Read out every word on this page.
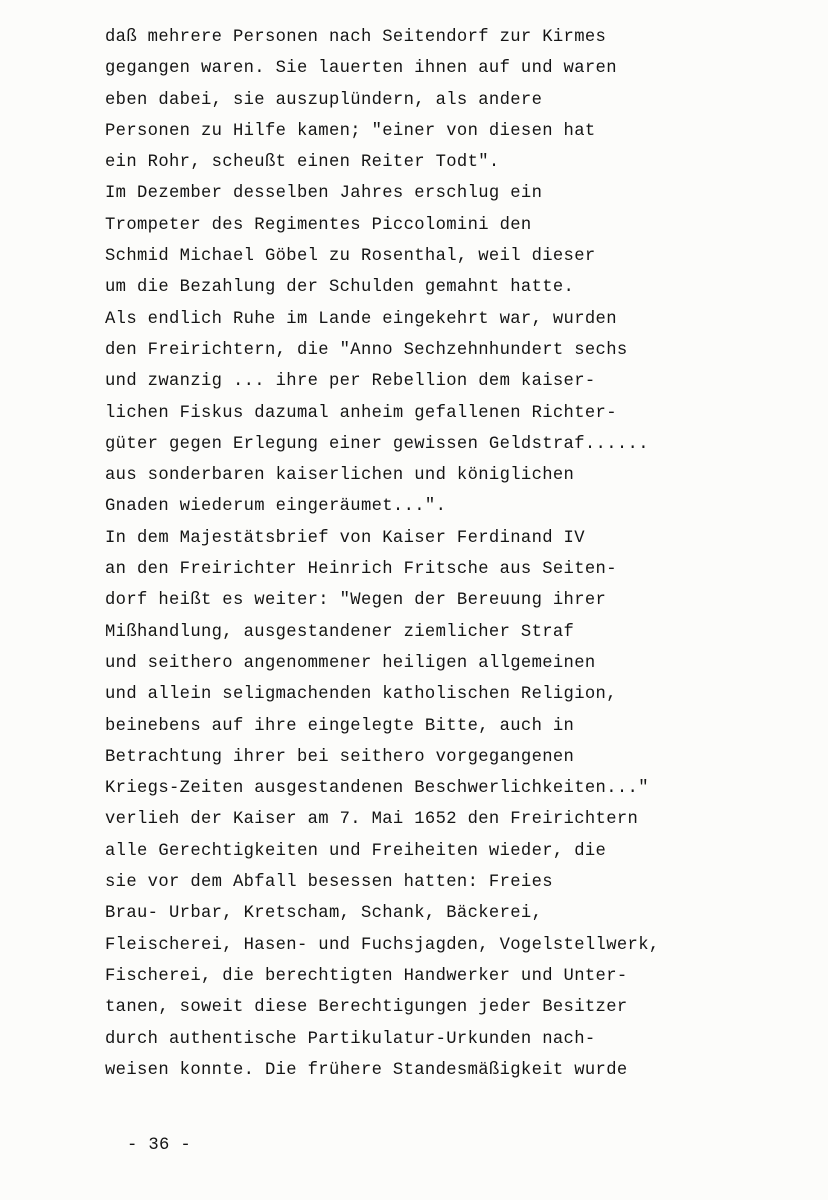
daß mehrere Personen nach Seitendorf zur Kirmes
gegangen waren. Sie lauerten ihnen auf und waren
eben dabei, sie auszuplündern, als andere
Personen zu Hilfe kamen; "einer von diesen hat
ein Rohr, scheußt einen Reiter Todt".
Im Dezember desselben Jahres erschlug ein
Trompeter des Regimentes Piccolomini den
Schmid Michael Göbel zu Rosenthal, weil dieser
um die Bezahlung der Schulden gemahnt hatte.
Als endlich Ruhe im Lande eingekehrt war, wurden
den Freirichtern, die "Anno Sechzehnhundert sechs
und zwanzig ... ihre per Rebellion dem kaiser-
lichen Fiskus dazumal anheim gefallenen Richter-
güter gegen Erlegung einer gewissen Geldstraf......
aus sonderbaren kaiserlichen und königlichen
Gnaden wiederum eingeräumet...".
In dem Majestätsbrief von Kaiser Ferdinand IV
an den Freirichter Heinrich Fritsche aus Seiten-
dorf heißt es weiter: "Wegen der Bereuung ihrer
Mißhandlung, ausgestandener ziemlicher Straf
und seithero angenommener heiligen allgemeinen
und allein seligmachenden katholischen Religion,
beinebens auf ihre eingelegte Bitte, auch in
Betrachtung ihrer bei seithero vorgegangenen
Kriegs-Zeiten ausgestandenen Beschwerlichkeiten..."
verlieh der Kaiser am 7. Mai 1652 den Freirichtern
alle Gerechtigkeiten und Freiheiten wieder, die
sie vor dem Abfall besessen hatten: Freies
Brau- Urbar, Kretscham, Schank, Bäckerei,
Fleischerei, Hasen- und Fuchsjagden, Vogelstellwerk,
Fischerei, die berechtigten Handwerker und Unter-
tanen, soweit diese Berechtigungen jeder Besitzer
durch authentische Partikulatur-Urkunden nach-
weisen konnte. Die frühere Standesmäßigkeit wurde
- 36 -
